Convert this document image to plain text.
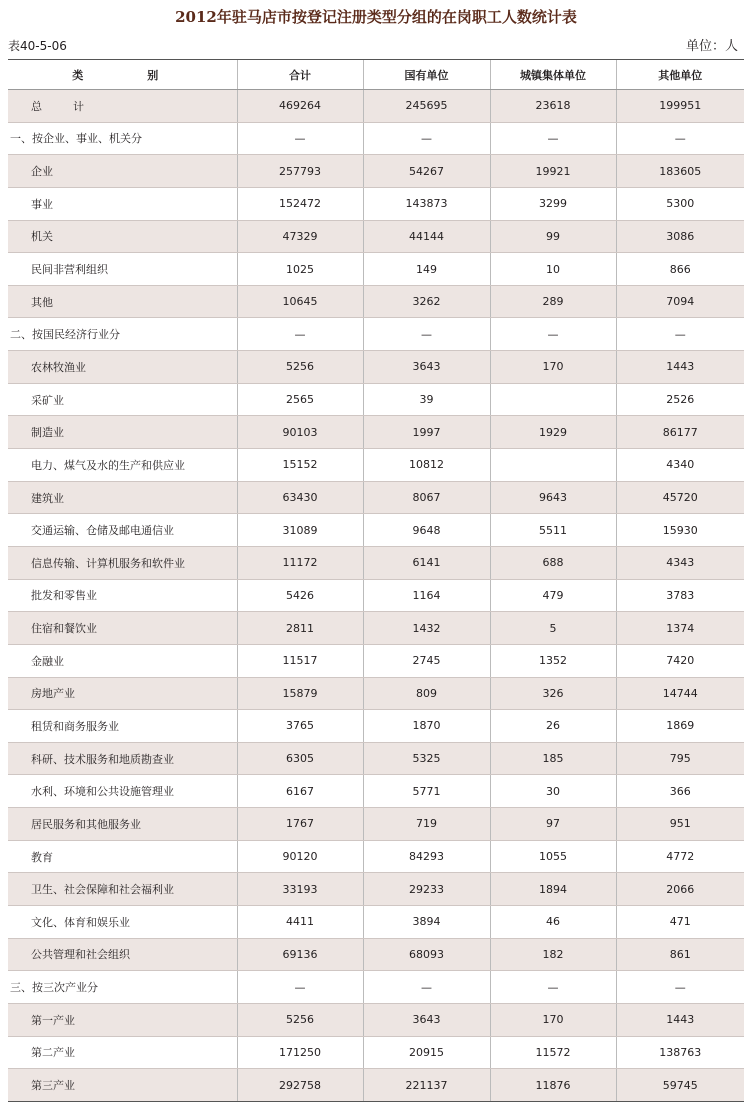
2012年驻马店市按登记注册类型分组的在岗职工人数统计表
表40-5-06	单位：人
类　　别	合计	国有单位	城镇集体单位	其他单位
总　计	469264	245695	23618	199951
一、按企业、事业、机关分	—	—	—	—
企业	257793	54267	19921	183605
事业	152472	143873	3299	5300
机关	47329	44144	99	3086
民间非营利组织	1025	149	10	866
其他	10645	3262	289	7094
二、按国民经济行业分	—	—	—	—
农林牧渔业	5256	3643	170	1443
采矿业	2565	39		2526
制造业	90103	1997	1929	86177
电力、煤气及水的生产和供应业	15152	10812		4340
建筑业	63430	8067	9643	45720
交通运输、仓储及邮电通信业	31089	9648	5511	15930
信息传输、计算机服务和软件业	11172	6141	688	4343
批发和零售业	5426	1164	479	3783
住宿和餐饮业	2811	1432	5	1374
金融业	11517	2745	1352	7420
房地产业	15879	809	326	14744
租赁和商务服务业	3765	1870	26	1869
科研、技术服务和地质勘查业	6305	5325	185	795
水利、环境和公共设施管理业	6167	5771	30	366
居民服务和其他服务业	1767	719	97	951
教育	90120	84293	1055	4772
卫生、社会保障和社会福利业	33193	29233	1894	2066
文化、体育和娱乐业	4411	3894	46	471
公共管理和社会组织	69136	68093	182	861
三、按三次产业分	—	—	—	—
第一产业	5256	3643	170	1443
第二产业	171250	20915	11572	138763
第三产业	292758	221137	11876	59745
